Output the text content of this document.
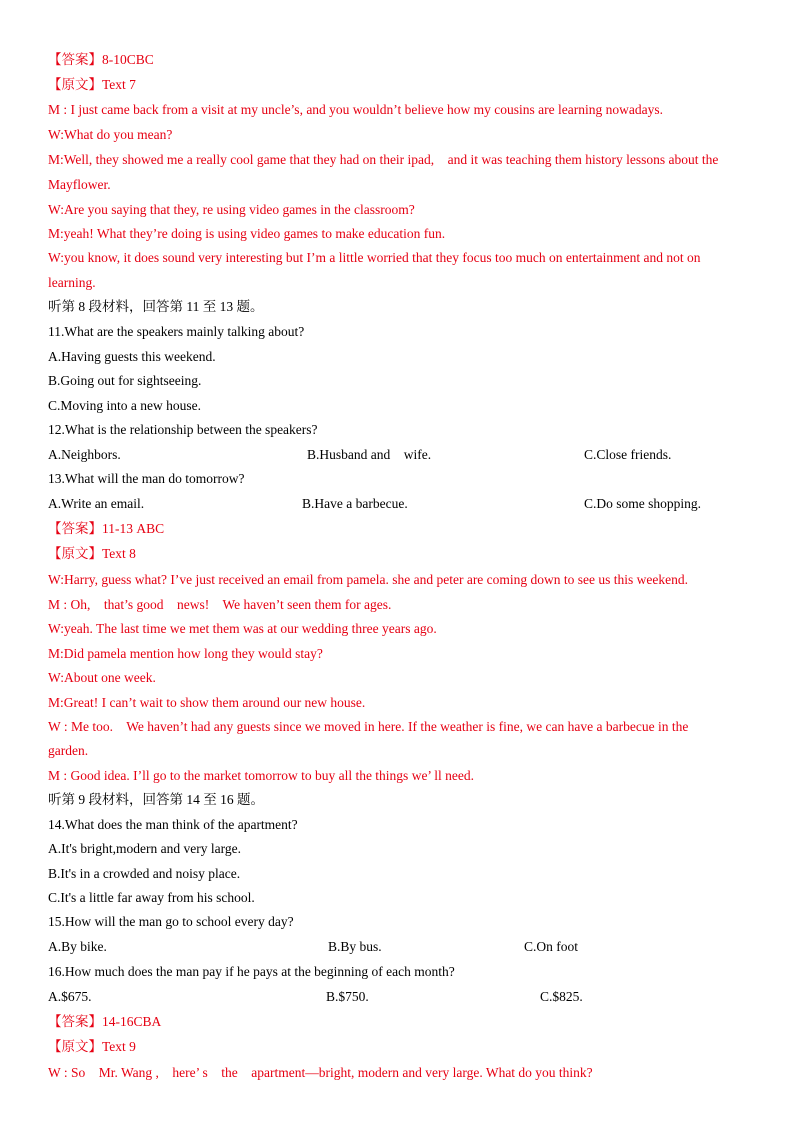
【答案】8-10CBC
【原文】Text 7
M : I just came back from a visit at my uncle’s, and you wouldn’t believe how my cousins are learning nowadays.
W:What do you mean?
M:Well, they showed me a really cool game that they had on their ipad,    and it was teaching them history lessons about the
Mayflower.
W:Are you saying that they, re using video games in the classroom?
M:yeah! What they’re doing is using video games to make education fun.
W:you know, it does sound very interesting but I’m a little worried that they focus too much on entertainment and not on
learning.
听第 8 段材料，回答第 11 至 13 题。
11.What are the speakers mainly talking about?
A.Having guests this weekend.
B.Going out for sightseeing.
C.Moving into a new house.
12.What is the relationship between the speakers?
A.Neighbors.	B.Husband and    wife.	C.Close friends.
13.What will the man do tomorrow?
A.Write an email.	B.Have a barbecue.	C.Do some shopping.
【答案】11-13 ABC
【原文】Text 8
W:Harry, guess what? I’ve just received an email from pamela. she and peter are coming down to see us this weekend.
M : Oh,    that’s good    news!    We haven’t seen them for ages.
W:yeah. The last time we met them was at our wedding three years ago.
M:Did pamela mention how long they would stay?
W:About one week.
M:Great! I can’t wait to show them around our new house.
W : Me too.    We haven’t had any guests since we moved in here. If the weather is fine, we can have a barbecue in the
garden.
M : Good idea. I’ll go to the market tomorrow to buy all the things we’ ll need.
听第 9 段材料，回答第 14 至 16 题。
14.What does the man think of the apartment?
A.It's bright,modern and very large.
B.It's in a crowded and noisy place.
C.It's a little far away from his school.
15.How will the man go to school every day?
A.By bike.	B.By bus.	C.On foot
16.How much does the man pay if he pays at the beginning of each month?
A.$675.	B.$750.	C.$825.
【答案】14-16CBA
【原文】Text 9
W : So    Mr. Wang ,    here’ s    the    apartment—bright, modern and very large. What do you think?
